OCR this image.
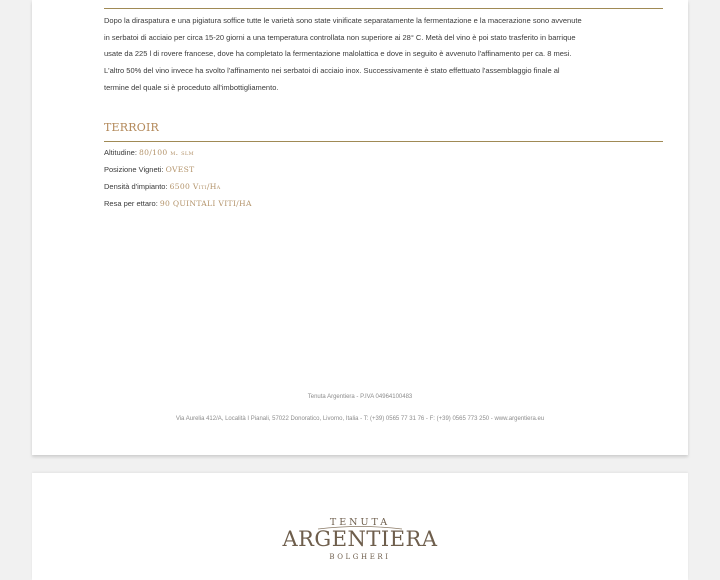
Dopo la diraspatura e una pigiatura soffice tutte le varietà sono state vinificate separatamente la fermentazione e la macerazione sono avvenute
in serbatoi di acciaio per circa 15-20 giorni a una temperatura controllata non superiore ai 28° C. Metà del vino è poi stato trasferito in barrique
usate da 225 l di rovere francese, dove ha completato la fermentazione malolattica e dove in seguito è avvenuto l'affinamento per ca. 8 mesi.
L'altro 50% del vino invece ha svolto l'affinamento nei serbatoi di acciaio inox. Successivamente è stato effettuato l'assemblaggio finale al
termine del quale si è proceduto all'imbottigliamento.
TERROIR
Altitudine: 80/100 m. slm
Posizione Vigneti: OVEST
Densità d'impianto: 6500 Viti/Ha
Resa per ettaro: 90 QUINTALI VITI/HA
Tenuta Argentiera - P.IVA 04964100483
Via Aurelia 412/A, Località I Pianali, 57022 Donoratico, Livorno, Italia - T: (+39) 0565 77 31 76 - F: (+39) 0565 773 250 - www.argentiera.eu
TENUTA
ARGENTIERA
BOLGHERI
